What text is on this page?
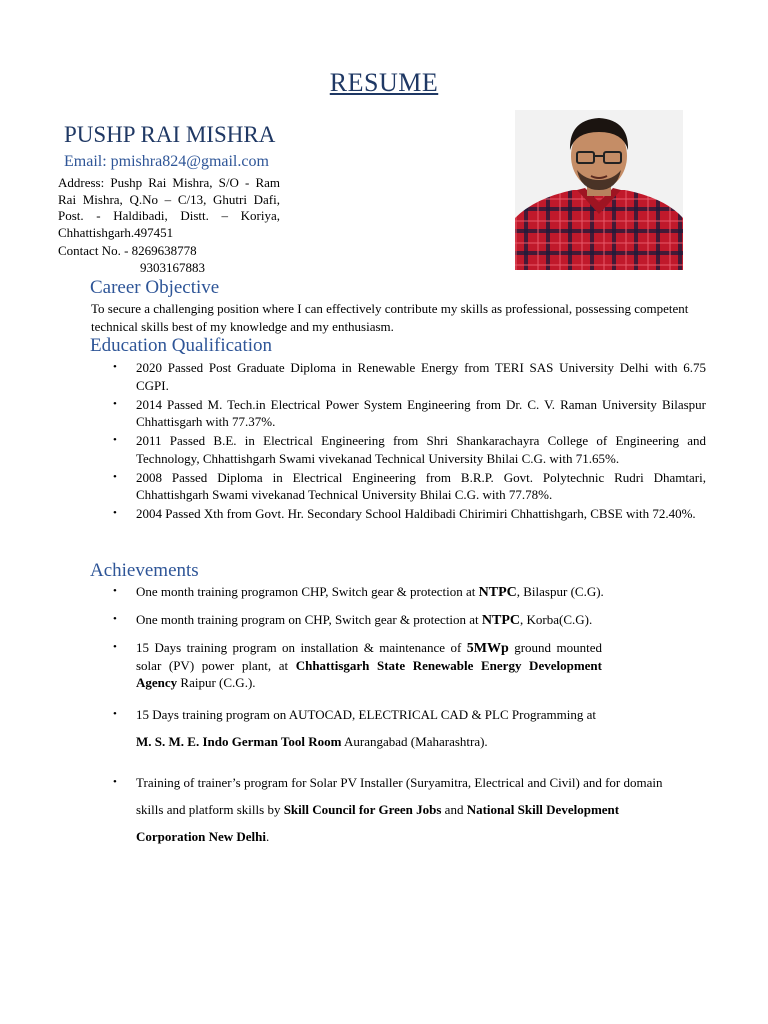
RESUME
PUSHP RAI MISHRA
Email: pmishra824@gmail.com
Address: Pushp Rai Mishra, S/O - Ram Rai Mishra, Q.No – C/13, Ghutri Dafi, Post. - Haldibadi, Distt. – Koriya, Chhattishgarh.497451
Contact No. - 8269638778
9303167883
Career Objective
To secure a challenging position where I can effectively contribute my skills as professional, possessing competent technical skills best of my knowledge and my enthusiasm.
Education Qualification
• 2020 Passed Post Graduate Diploma in Renewable Energy from TERI SAS University Delhi with 6.75 CGPI.
• 2014 Passed M. Tech.in Electrical Power System Engineering from Dr. C. V. Raman University Bilaspur Chhattisgarh with 77.37%.
• 2011 Passed B.E. in Electrical Engineering from Shri Shankarachayra College of Engineering and Technology, Chhattishgarh Swami vivekanad Technical University Bhilai C.G. with 71.65%.
• 2008 Passed Diploma in Electrical Engineering from B.R.P. Govt. Polytechnic Rudri Dhamtari, Chhattishgarh Swami vivekanad Technical University Bhilai C.G. with 77.78%.
• 2004 Passed Xth from Govt. Hr. Secondary School Haldibadi Chirimiri Chhattishgarh, CBSE with 72.40%.
Achievements
• One month training programon CHP, Switch gear & protection at NTPC, Bilaspur (C.G).
• One month training program on CHP, Switch gear & protection at NTPC, Korba(C.G).
• 15 Days training program on installation & maintenance of 5MWp ground mounted solar (PV) power plant, at Chhattisgarh State Renewable Energy Development Agency Raipur (C.G.).
• 15 Days training program on AUTOCAD, ELECTRICAL CAD & PLC Programming at
M. S. M. E. Indo German Tool Room Aurangabad (Maharashtra).
• Training of trainer’s program for Solar PV Installer (Suryamitra, Electrical and Civil) and for domain skills and platform skills by Skill Council for Green Jobs and National Skill Development Corporation New Delhi.
